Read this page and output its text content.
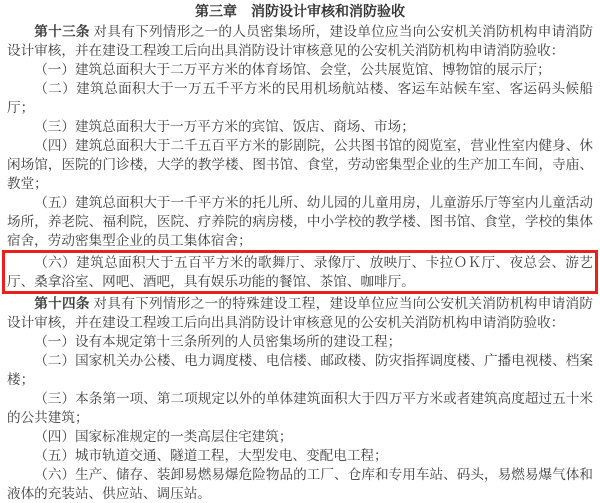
第三章　消防设计审核和消防验收

第十三条 对具有下列情形之一的人员密集场所，建设单位应当向公安机关消防机构申请消防设计审核，并在建设工程竣工后向出具消防设计审核意见的公安机关消防机构申请消防验收：

（一）建筑总面积大于二万平方米的体育场馆、会堂，公共展览馆、博物馆的展示厅；

（二）建筑总面积大于一万五千平方米的民用机场航站楼、客运车站候车室、客运码头候船厅；

（三）建筑总面积大于一万平方米的宾馆、饭店、商场、市场；

（四）建筑总面积大于二千五百平方米的影剧院，公共图书馆的阅览室，营业性室内健身、休闲场馆，医院的门诊楼，大学的教学楼、图书馆、食堂，劳动密集型企业的生产加工车间，寺庙、教堂；

（五）建筑总面积大于一千平方米的托儿所、幼儿园的儿童用房，儿童游乐厅等室内儿童活动场所，养老院、福利院，医院、疗养院的病房楼，中小学校的教学楼、图书馆、食堂，学校的集体宿舍，劳动密集型企业的员工集体宿舍；

（六）建筑总面积大于五百平方米的歌舞厅、录像厅、放映厅、卡拉ＯＫ厅、夜总会、游艺厅、桑拿浴室、网吧、酒吧，具有娱乐功能的餐馆、茶馆、咖啡厅。

第十四条 对具有下列情形之一的特殊建设工程，建设单位应当向公安机关消防机构申请消防设计审核，并在建设工程竣工后向出具消防设计审核意见的公安机关消防机构申请消防验收：

（一）设有本规定第十三条所列的人员密集场所的建设工程；

（二）国家机关办公楼、电力调度楼、电信楼、邮政楼、防灾指挥调度楼、广播电视楼、档案楼；

（三）本条第一项、第二项规定以外的单体建筑面积大于四万平方米或者建筑高度超过五十米的公共建筑；

（四）国家标准规定的一类高层住宅建筑；

（五）城市轨道交通、隧道工程，大型发电、变配电工程；

（六）生产、储存、装卸易燃易爆危险物品的工厂、仓库和专用车站、码头，易燃易爆气体和液体的充装站、供应站、调压站。
